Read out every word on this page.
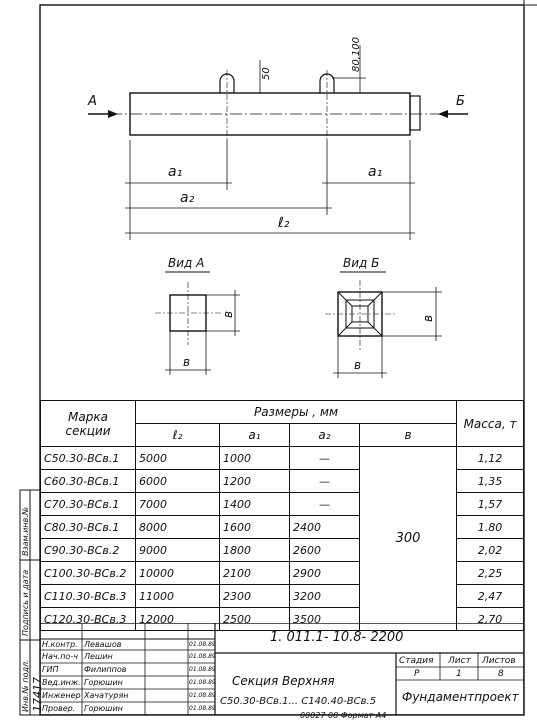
А	Б
50
80,100
a₁	a₁
a₂
ℓ₂
Вид А	Вид Б
в
в
в
в
Марка секции	Размеры , мм				Масса, т
	ℓ₂	a₁	a₂	в	
С50.30-ВСв.1	5000	1000	—	300	1,12
С60.30-ВСв.1	6000	1200	—		1,35
С70.30-ВСв.1	7000	1400	—		1,57
С80.30-ВСв.1	8000	1600	2400		1.80
С90.30-ВСв.2	9000	1800	2600		2,02
С100.30-ВСв.2	10000	2100	2900		2,25
С110.30-ВСв.3	11000	2300	3200		2,47
С120.30-ВСв.3	12000	2500	3500		2,70
1. 011.1- 10.8- 2200
Секция Верхняя
С50.30-ВСв.1... С140.40-ВСв.5
Стадия Лист Листов
Р	1	8
Фундаментпроект
Н.контр. Левашов	01.08.89
Нач.по-ч Лешин	01.08.89
ГИП	Филиппов	01.08.89
Вед.инж. Горюшин	01.08.89
Инженер Хачатурян	01.08.89
Провер. Горюшин	01.08.89
Инв.№ подл. 17417
Подпись и дата
Взам.инв.№
00027 08 Формат А4
